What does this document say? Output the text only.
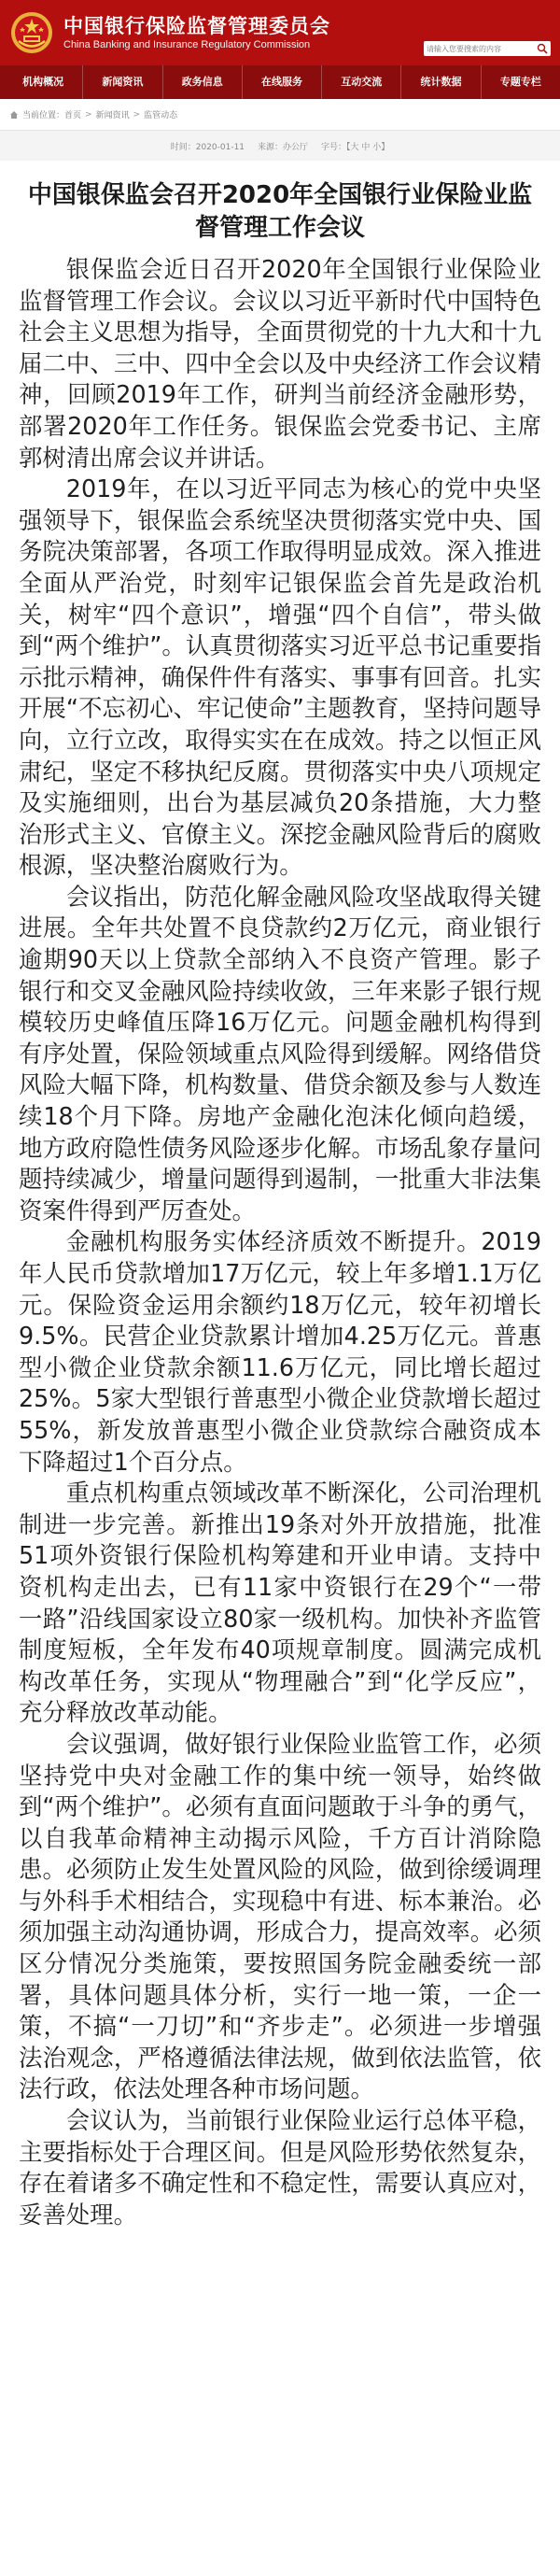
中国银行保险监督管理委员会
China Banking and Insurance Regulatory Commission
请输入您要搜索的内容
机构概况	新闻资讯	政务信息	在线服务	互动交流	统计数据	专题专栏
当前位置： 首页 > 新闻资讯 > 监管动态
时间：2020-01-11 来源：办公厅 字号：【大 中 小】
中国银保监会召开2020年全国银行业保险业监督管理工作会议

银保监会近日召开2020年全国银行业保险业监督管理工作会议。会议以习近平新时代中国特色社会主义思想为指导，全面贯彻党的十九大和十九届二中、三中、四中全会以及中央经济工作会议精神，回顾2019年工作，研判当前经济金融形势，部署2020年工作任务。银保监会党委书记、主席郭树清出席会议并讲话。

2019年，在以习近平同志为核心的党中央坚强领导下，银保监会系统坚决贯彻落实党中央、国务院决策部署，各项工作取得明显成效。深入推进全面从严治党，时刻牢记银保监会首先是政治机关，树牢“四个意识”，增强“四个自信”，带头做到“两个维护”。认真贯彻落实习近平总书记重要指示批示精神，确保件件有落实、事事有回音。扎实开展“不忘初心、牢记使命”主题教育，坚持问题导向，立行立改，取得实实在在成效。持之以恒正风肃纪，坚定不移执纪反腐。贯彻落实中央八项规定及实施细则，出台为基层减负20条措施，大力整治形式主义、官僚主义。深挖金融风险背后的腐败根源，坚决整治腐败行为。

会议指出，防范化解金融风险攻坚战取得关键进展。全年共处置不良贷款约2万亿元，商业银行逾期90天以上贷款全部纳入不良资产管理。影子银行和交叉金融风险持续收敛，三年来影子银行规模较历史峰值压降16万亿元。问题金融机构得到有序处置，保险领域重点风险得到缓解。网络借贷风险大幅下降，机构数量、借贷余额及参与人数连续18个月下降。房地产金融化泡沫化倾向趋缓，地方政府隐性债务风险逐步化解。市场乱象存量问题持续减少，增量问题得到遏制，一批重大非法集资案件得到严厉查处。

金融机构服务实体经济质效不断提升。2019年人民币贷款增加17万亿元，较上年多增1.1万亿元。保险资金运用余额约18万亿元，较年初增长9.5%。民营企业贷款累计增加4.25万亿元。普惠型小微企业贷款余额11.6万亿元，同比增长超过25%。5家大型银行普惠型小微企业贷款增长超过55%，新发放普惠型小微企业贷款综合融资成本下降超过1个百分点。

重点机构重点领域改革不断深化，公司治理机制进一步完善。新推出19条对外开放措施，批准51项外资银行保险机构筹建和开业申请。支持中资机构走出去，已有11家中资银行在29个“一带一路”沿线国家设立80家一级机构。加快补齐监管制度短板，全年发布40项规章制度。圆满完成机构改革任务，实现从“物理融合”到“化学反应”，充分释放改革动能。

会议强调，做好银行业保险业监管工作，必须坚持党中央对金融工作的集中统一领导，始终做到“两个维护”。必须有直面问题敢于斗争的勇气，以自我革命精神主动揭示风险，千方百计消除隐患。必须防止发生处置风险的风险，做到徐缓调理与外科手术相结合，实现稳中有进、标本兼治。必须加强主动沟通协调，形成合力，提高效率。必须区分情况分类施策，要按照国务院金融委统一部署，具体问题具体分析，实行一地一策，一企一策，不搞“一刀切”和“齐步走”。必须进一步增强法治观念，严格遵循法律法规，做到依法监管，依法行政，依法处理各种市场问题。

会议认为，当前银行业保险业运行总体平稳，主要指标处于合理区间。但是风险形势依然复杂，存在着诸多不确定性和不稳定性，需要认真应对，妥善处理。
